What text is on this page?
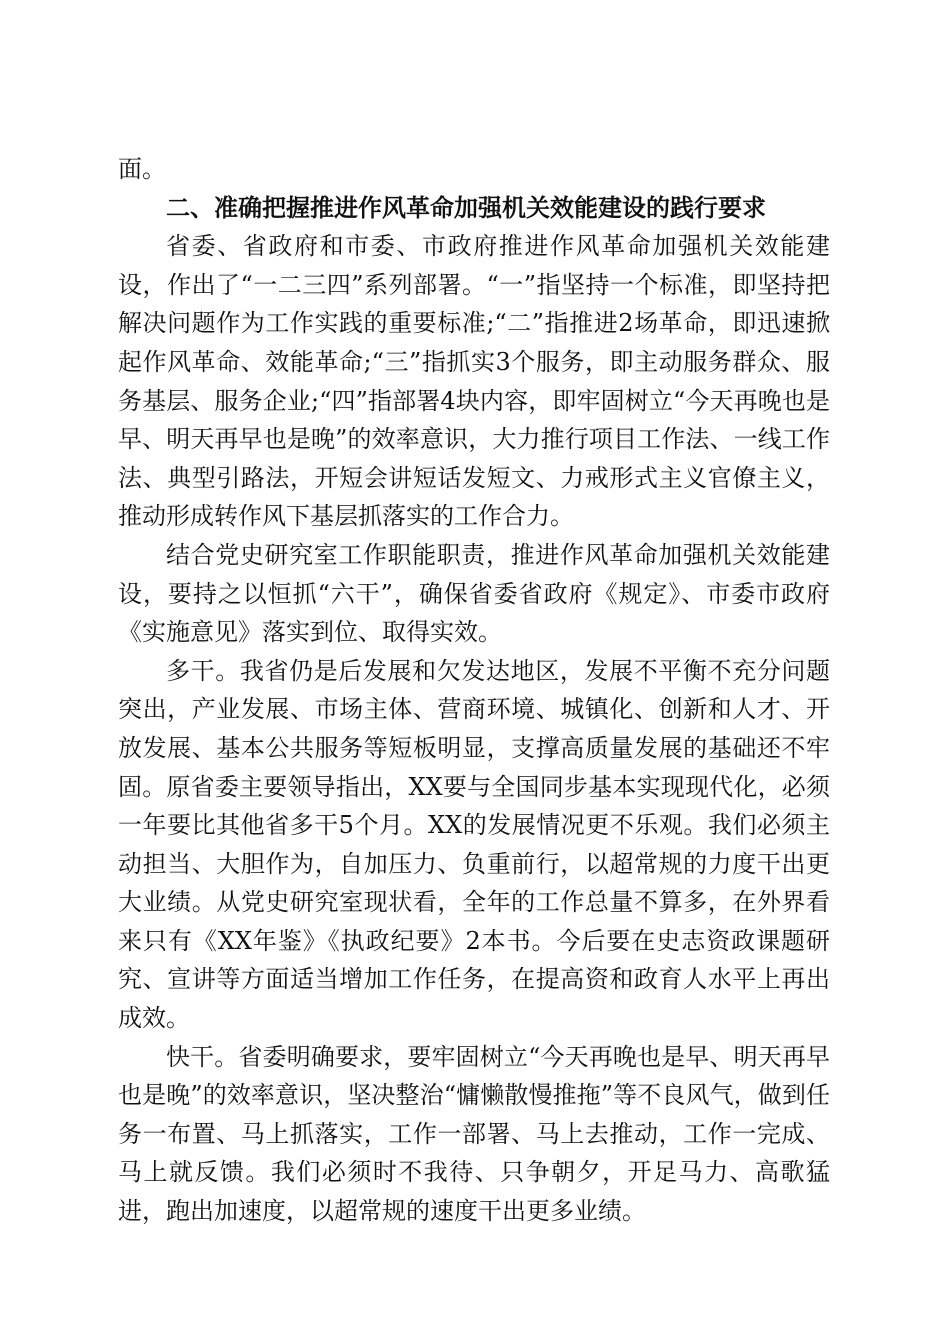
面。

二、准确把握推进作风革命加强机关效能建设的践行要求

省委、省政府和市委、市政府推进作风革命加强机关效能建设，作出了“一二三四”系列部署。“一”指坚持一个标准，即坚持把解决问题作为工作实践的重要标准;“二”指推进2场革命，即迅速掀起作风革命、效能革命;“三”指抓实3个服务，即主动服务群众、服务基层、服务企业;“四”指部署4块内容，即牢固树立“今天再晚也是早、明天再早也是晚”的效率意识，大力推行项目工作法、一线工作法、典型引路法，开短会讲短话发短文、力戒形式主义官僚主义，推动形成转作风下基层抓落实的工作合力。

结合党史研究室工作职能职责，推进作风革命加强机关效能建设，要持之以恒抓“六干”，确保省委省政府《规定》、市委市政府《实施意见》落实到位、取得实效。

多干。我省仍是后发展和欠发达地区，发展不平衡不充分问题突出，产业发展、市场主体、营商环境、城镇化、创新和人才、开放发展、基本公共服务等短板明显，支撑高质量发展的基础还不牢固。原省委主要领导指出，XX要与全国同步基本实现现代化，必须一年要比其他省多干5个月。XX的发展情况更不乐观。我们必须主动担当、大胆作为，自加压力、负重前行，以超常规的力度干出更大业绩。从党史研究室现状看，全年的工作总量不算多，在外界看来只有《XX年鉴》《执政纪要》2本书。今后要在史志资政课题研究、宣讲等方面适当增加工作任务，在提高资和政育人水平上再出成效。

快干。省委明确要求，要牢固树立“今天再晚也是早、明天再早也是晚”的效率意识，坚决整治“慵懒散慢推拖”等不良风气，做到任务一布置、马上抓落实，工作一部署、马上去推动，工作一完成、马上就反馈。我们必须时不我待、只争朝夕，开足马力、高歌猛进，跑出加速度，以超常规的速度干出更多业绩。
